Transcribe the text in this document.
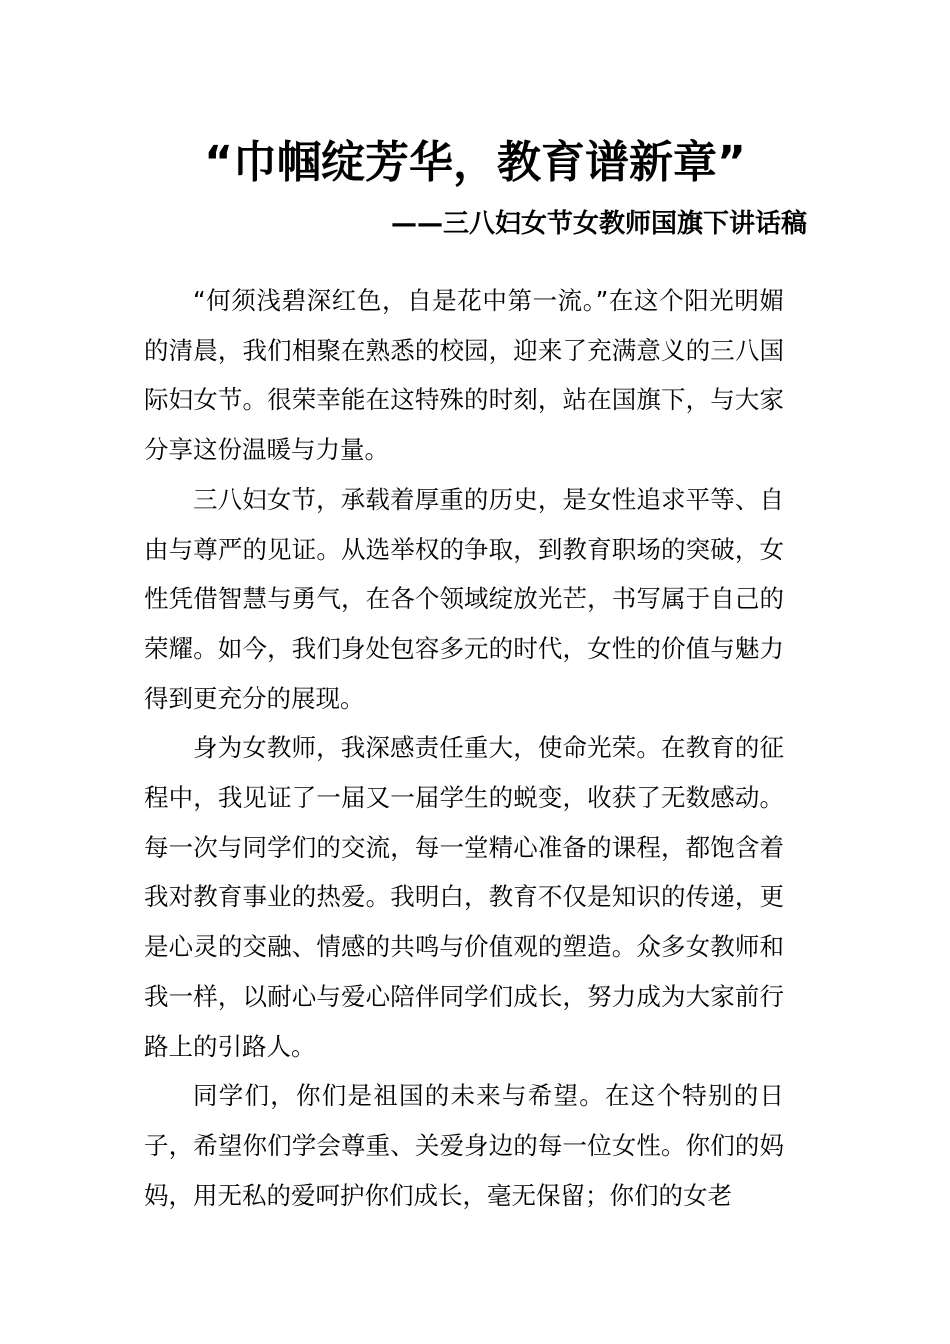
“巾帼绽芳华，教育谱新章”
——三八妇女节女教师国旗下讲话稿

“何须浅碧深红色，自是花中第一流。”在这个阳光明媚的清晨，我们相聚在熟悉的校园，迎来了充满意义的三八国际妇女节。很荣幸能在这特殊的时刻，站在国旗下，与大家分享这份温暖与力量。

三八妇女节，承载着厚重的历史，是女性追求平等、自由与尊严的见证。从选举权的争取，到教育职场的突破，女性凭借智慧与勇气，在各个领域绽放光芒，书写属于自己的荣耀。如今，我们身处包容多元的时代，女性的价值与魅力得到更充分的展现。

身为女教师，我深感责任重大，使命光荣。在教育的征程中，我见证了一届又一届学生的蜕变，收获了无数感动。每一次与同学们的交流，每一堂精心准备的课程，都饱含着我对教育事业的热爱。我明白，教育不仅是知识的传递，更是心灵的交融、情感的共鸣与价值观的塑造。众多女教师和我一样，以耐心与爱心陪伴同学们成长，努力成为大家前行路上的引路人。

同学们，你们是祖国的未来与希望。在这个特别的日子，希望你们学会尊重、关爱身边的每一位女性。你们的妈妈，用无私的爱呵护你们成长，毫无保留；你们的女老
